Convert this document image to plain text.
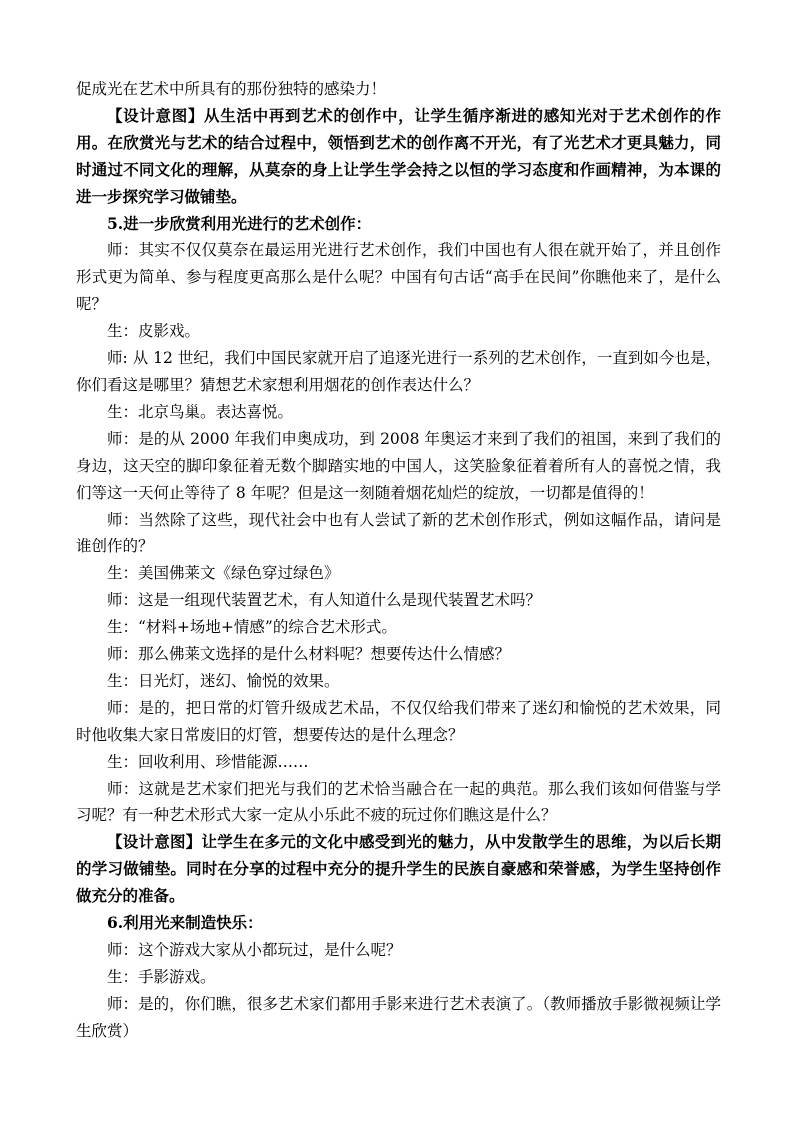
促成光在艺术中所具有的那份独特的感染力！

【设计意图】从生活中再到艺术的创作中，让学生循序渐进的感知光对于艺术创作的作用。在欣赏光与艺术的结合过程中，领悟到艺术的创作离不开光，有了光艺术才更具魅力，同时通过不同文化的理解，从莫奈的身上让学生学会持之以恒的学习态度和作画精神，为本课的进一步探究学习做铺垫。

5.进一步欣赏利用光进行的艺术创作：

师：其实不仅仅莫奈在最运用光进行艺术创作，我们中国也有人很在就开始了，并且创作形式更为简单、参与程度更高那么是什么呢？中国有句古话“高手在民间”你瞧他来了，是什么呢？

生：皮影戏。

师: 从 12 世纪，我们中国民家就开启了追逐光进行一系列的艺术创作，一直到如今也是，你们看这是哪里？猜想艺术家想利用烟花的创作表达什么？

生：北京鸟巢。表达喜悦。

师：是的从 2000 年我们申奥成功，到 2008 年奥运才来到了我们的祖国，来到了我们的身边，这天空的脚印象征着无数个脚踏实地的中国人，这笑脸象征着着所有人的喜悦之情，我们等这一天何止等待了 8 年呢？但是这一刻随着烟花灿烂的绽放，一切都是值得的！

师：当然除了这些，现代社会中也有人尝试了新的艺术创作形式，例如这幅作品，请问是谁创作的？

生：美国佛莱文《绿色穿过绿色》

师：这是一组现代装置艺术，有人知道什么是现代装置艺术吗？

生：“材料+场地+情感”的综合艺术形式。

师：那么佛莱文选择的是什么材料呢？想要传达什么情感？

生：日光灯，迷幻、愉悦的效果。

师：是的，把日常的灯管升级成艺术品，不仅仅给我们带来了迷幻和愉悦的艺术效果，同时他收集大家日常废旧的灯管，想要传达的是什么理念？

生：回收利用、珍惜能源……

师：这就是艺术家们把光与我们的艺术恰当融合在一起的典范。那么我们该如何借鉴与学习呢？有一种艺术形式大家一定从小乐此不疲的玩过你们瞧这是什么？

【设计意图】让学生在多元的文化中感受到光的魅力，从中发散学生的思维，为以后长期的学习做铺垫。同时在分享的过程中充分的提升学生的民族自豪感和荣誉感，为学生坚持创作做充分的准备。

6.利用光来制造快乐：

师：这个游戏大家从小都玩过，是什么呢？

生：手影游戏。

师：是的，你们瞧，很多艺术家们都用手影来进行艺术表演了。（教师播放手影微视频让学生欣赏）
